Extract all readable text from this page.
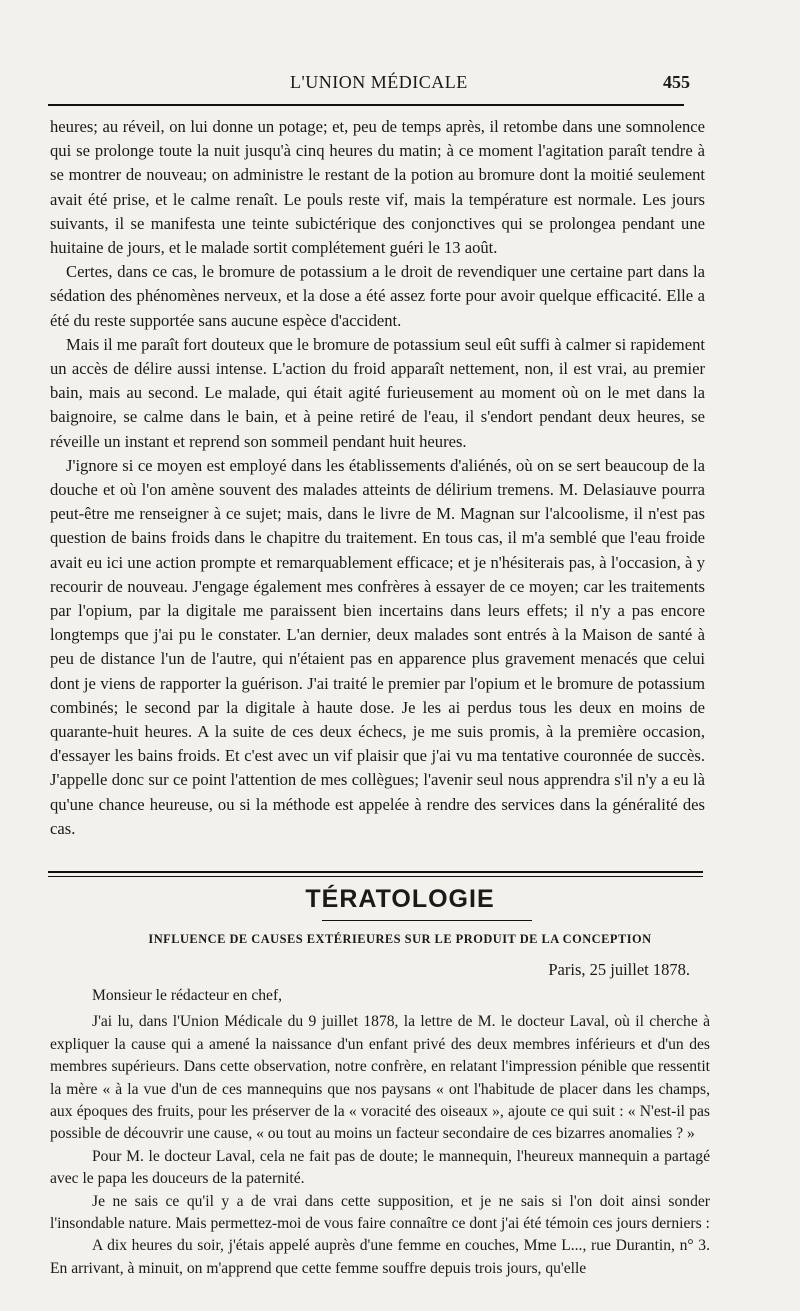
L'UNION MÉDICALE	455

heures; au réveil, on lui donne un potage; et, peu de temps après, il retombe dans une somnolence qui se prolonge toute la nuit jusqu'à cinq heures du matin; à ce moment l'agitation paraît tendre à se montrer de nouveau; on administre le restant de la potion au bromure dont la moitié seulement avait été prise, et le calme renaît. Le pouls reste vif, mais la température est normale. Les jours suivants, il se manifesta une teinte subictérique des conjonctives qui se prolongea pendant une huitaine de jours, et le malade sortit complétement guéri le 13 août.

Certes, dans ce cas, le bromure de potassium a le droit de revendiquer une certaine part dans la sédation des phénomènes nerveux, et la dose a été assez forte pour avoir quelque efficacité. Elle a été du reste supportée sans aucune espèce d'accident.

Mais il me paraît fort douteux que le bromure de potassium seul eût suffi à calmer si rapidement un accès de délire aussi intense. L'action du froid apparaît nettement, non, il est vrai, au premier bain, mais au second. Le malade, qui était agité furieusement au moment où on le met dans la baignoire, se calme dans le bain, et à peine retiré de l'eau, il s'endort pendant deux heures, se réveille un instant et reprend son sommeil pendant huit heures.

J'ignore si ce moyen est employé dans les établissements d'aliénés, où on se sert beaucoup de la douche et où l'on amène souvent des malades atteints de délirium tremens. M. Delasiauve pourra peut-être me renseigner à ce sujet; mais, dans le livre de M. Magnan sur l'alcoolisme, il n'est pas question de bains froids dans le chapitre du traitement. En tous cas, il m'a semblé que l'eau froide avait eu ici une action prompte et remarquablement efficace; et je n'hésiterais pas, à l'occasion, à y recourir de nouveau. J'engage également mes confrères à essayer de ce moyen; car les traitements par l'opium, par la digitale me paraissent bien incertains dans leurs effets; il n'y a pas encore longtemps que j'ai pu le constater. L'an dernier, deux malades sont entrés à la Maison de santé à peu de distance l'un de l'autre, qui n'étaient pas en apparence plus gravement menacés que celui dont je viens de rapporter la guérison. J'ai traité le premier par l'opium et le bromure de potassium combinés; le second par la digitale à haute dose. Je les ai perdus tous les deux en moins de quarante-huit heures. A la suite de ces deux échecs, je me suis promis, à la première occasion, d'essayer les bains froids. Et c'est avec un vif plaisir que j'ai vu ma tentative couronnée de succès. J'appelle donc sur ce point l'attention de mes collègues; l'avenir seul nous apprendra s'il n'y a eu là qu'une chance heureuse, ou si la méthode est appelée à rendre des services dans la généralité des cas.

TÉRATOLOGIE
INFLUENCE DE CAUSES EXTÉRIEURES SUR LE PRODUIT DE LA CONCEPTION
Paris, 25 juillet 1878.

Monsieur le rédacteur en chef,

J'ai lu, dans l'Union Médicale du 9 juillet 1878, la lettre de M. le docteur Laval, où il cherche à expliquer la cause qui a amené la naissance d'un enfant privé des deux membres inférieurs et d'un des membres supérieurs. Dans cette observation, notre confrère, en relatant l'impression pénible que ressentit la mère « à la vue d'un de ces mannequins que nos paysans « ont l'habitude de placer dans les champs, aux époques des fruits, pour les préserver de la « voracité des oiseaux », ajoute ce qui suit : « N'est-il pas possible de découvrir une cause, « ou tout au moins un facteur secondaire de ces bizarres anomalies ? »

Pour M. le docteur Laval, cela ne fait pas de doute; le mannequin, l'heureux mannequin a partagé avec le papa les douceurs de la paternité.

Je ne sais ce qu'il y a de vrai dans cette supposition, et je ne sais si l'on doit ainsi sonder l'insondable nature. Mais permettez-moi de vous faire connaître ce dont j'ai été témoin ces jours derniers :

A dix heures du soir, j'étais appelé auprès d'une femme en couches, Mme L..., rue Durantin, n° 3. En arrivant, à minuit, on m'apprend que cette femme souffre depuis trois jours, qu'elle
